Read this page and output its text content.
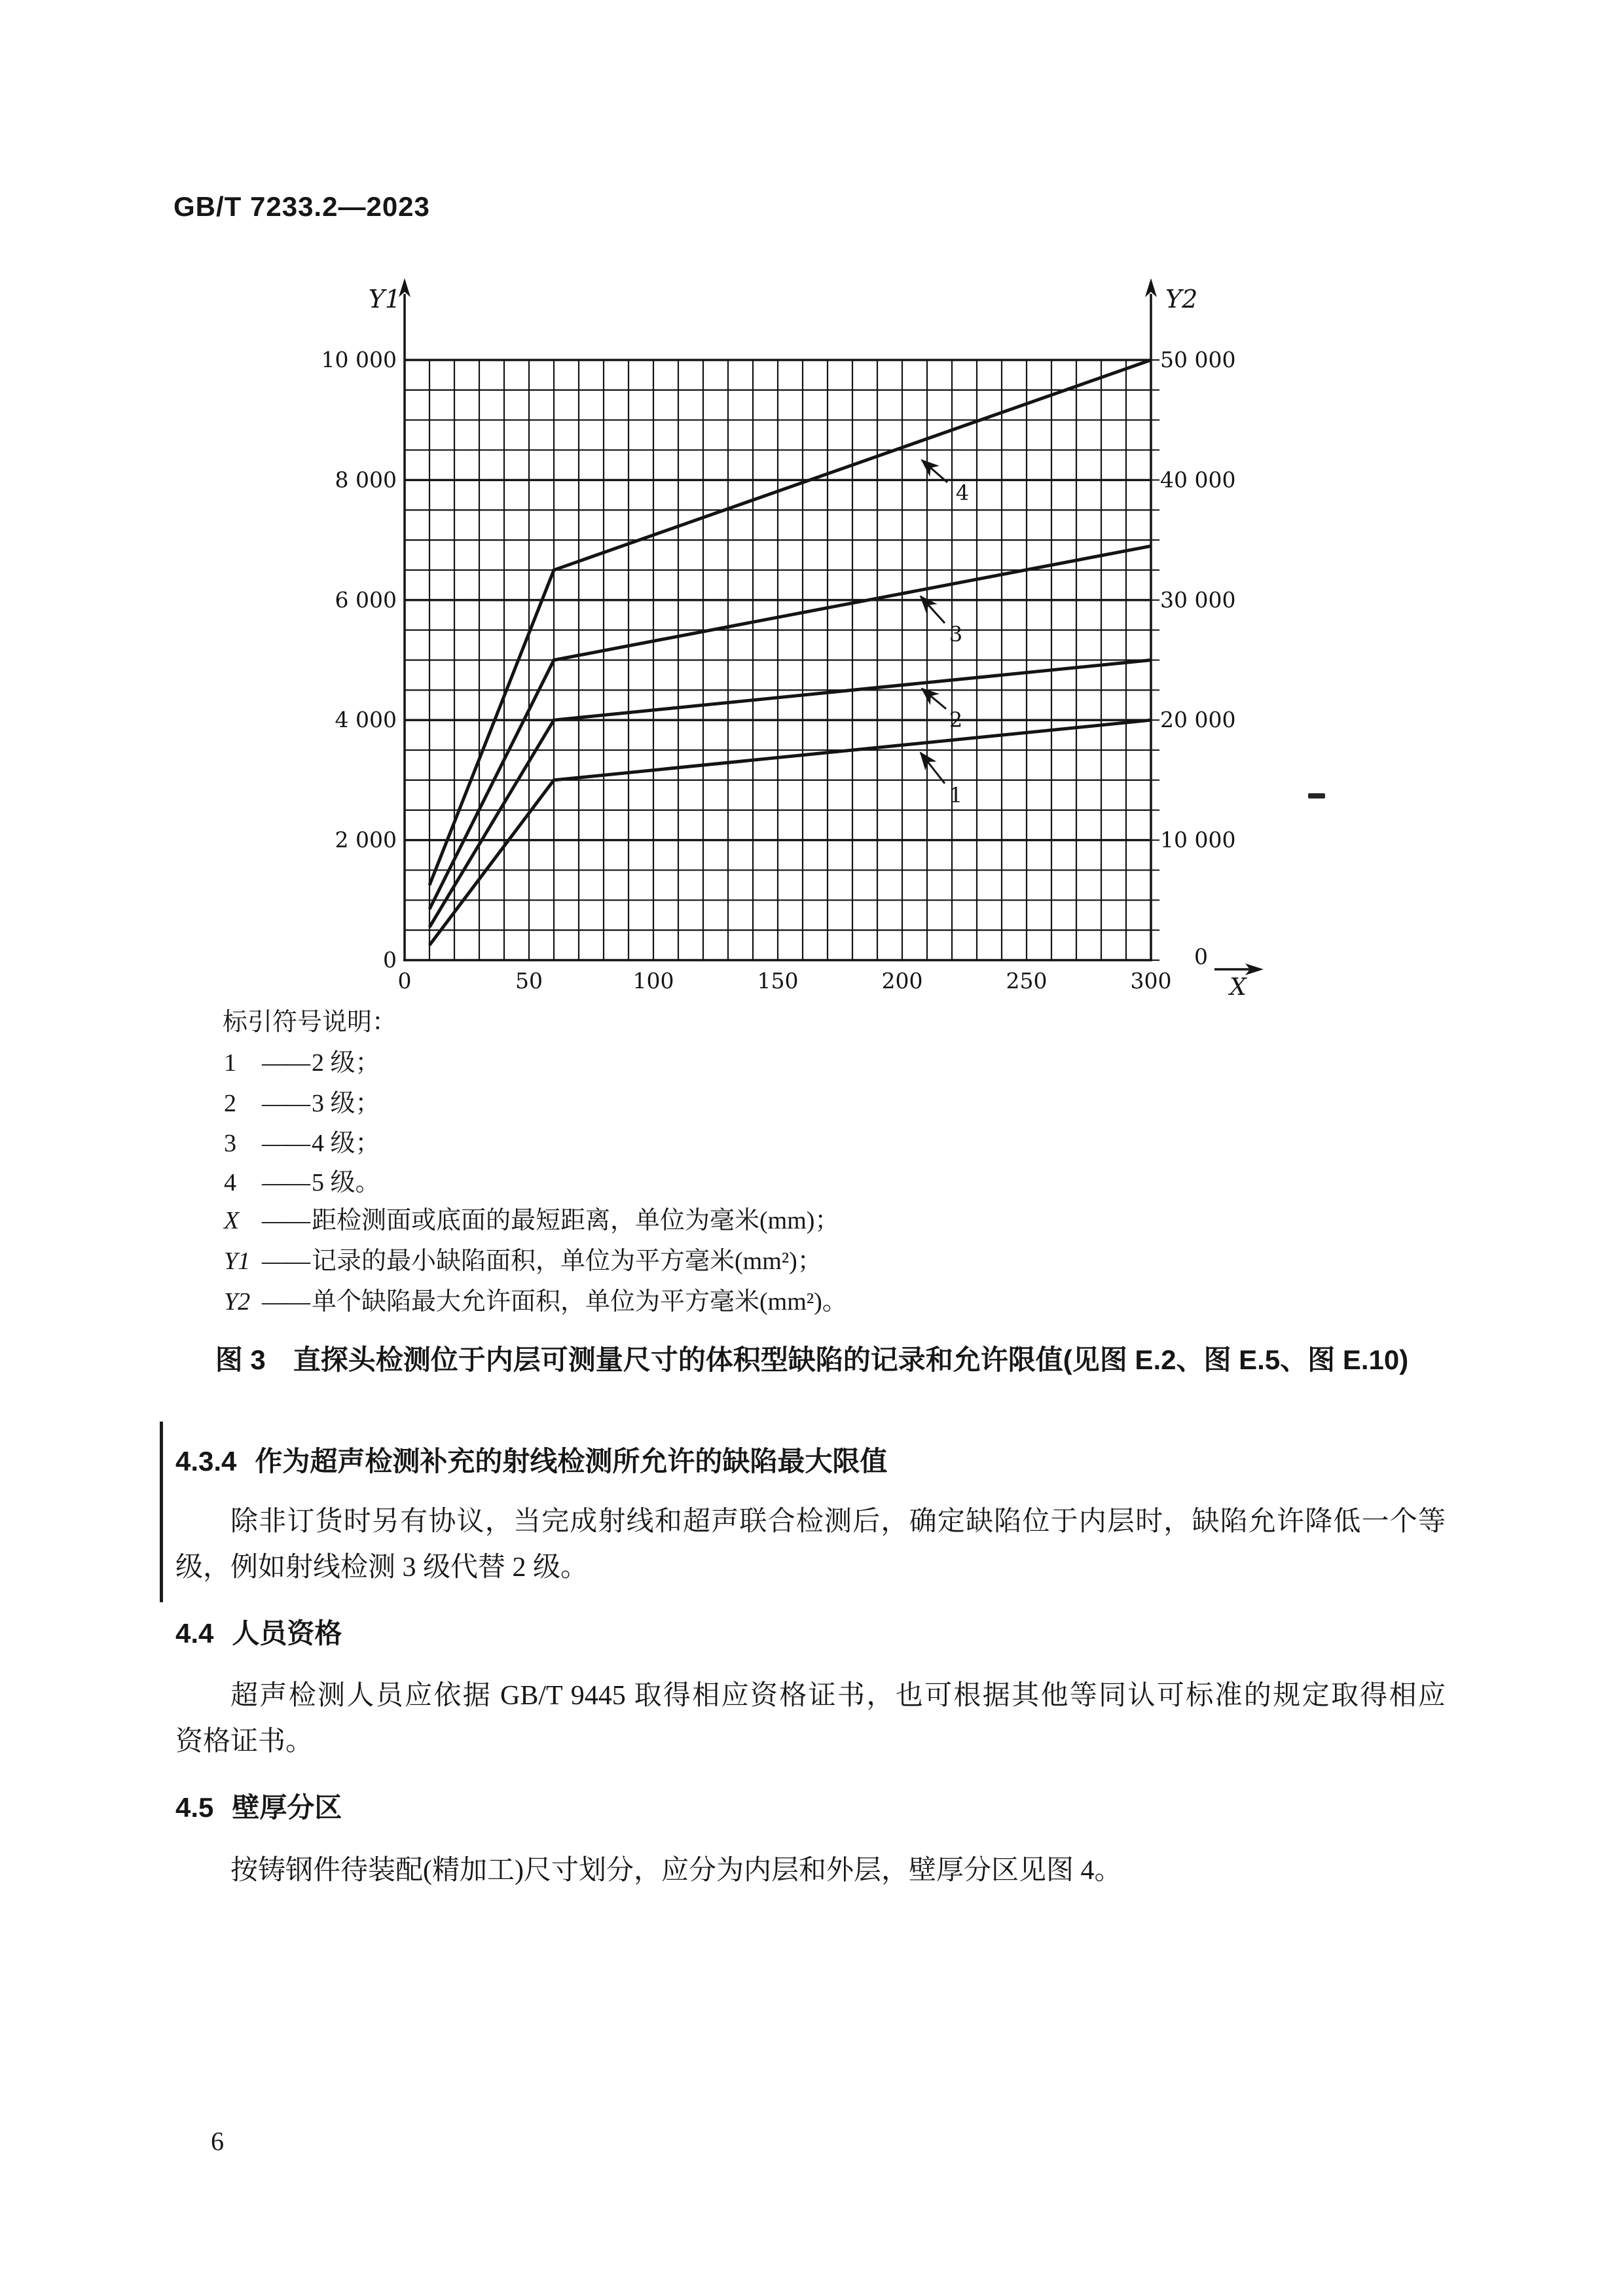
GB/T 7233.2—2023
1
2
3
4
0
2 000
4 000
6 000
8 000
10 000
10 000
20 000
30 000
40 000
50 000
0	50	100	150	200	250	300
Y1	Y2
0
X
标引符号说明：
1 —— 2 级；
2 —— 3 级；
3 —— 4 级；
4 —— 5 级。
X —— 距检测面或底面的最短距离，单位为毫米(mm)；
Y1 —— 记录的最小缺陷面积，单位为平方毫米(mm²)；
Y2 —— 单个缺陷最大允许面积，单位为平方毫米(mm²)。
图 3　直探头检测位于内层可测量尺寸的体积型缺陷的记录和允许限值(见图 E.2、图 E.5、图 E.10)
4.3.4 作为超声检测补充的射线检测所允许的缺陷最大限值
除非订货时另有协议，当完成射线和超声联合检测后，确定缺陷位于内层时，缺陷允许降低一个等
级，例如射线检测 3 级代替 2 级。
4.4 人员资格
超声检测人员应依据 GB/T 9445 取得相应资格证书，也可根据其他等同认可标准的规定取得相应
资格证书。
4.5 壁厚分区
按铸钢件待装配(精加工)尺寸划分，应分为内层和外层，壁厚分区见图 4。
6
